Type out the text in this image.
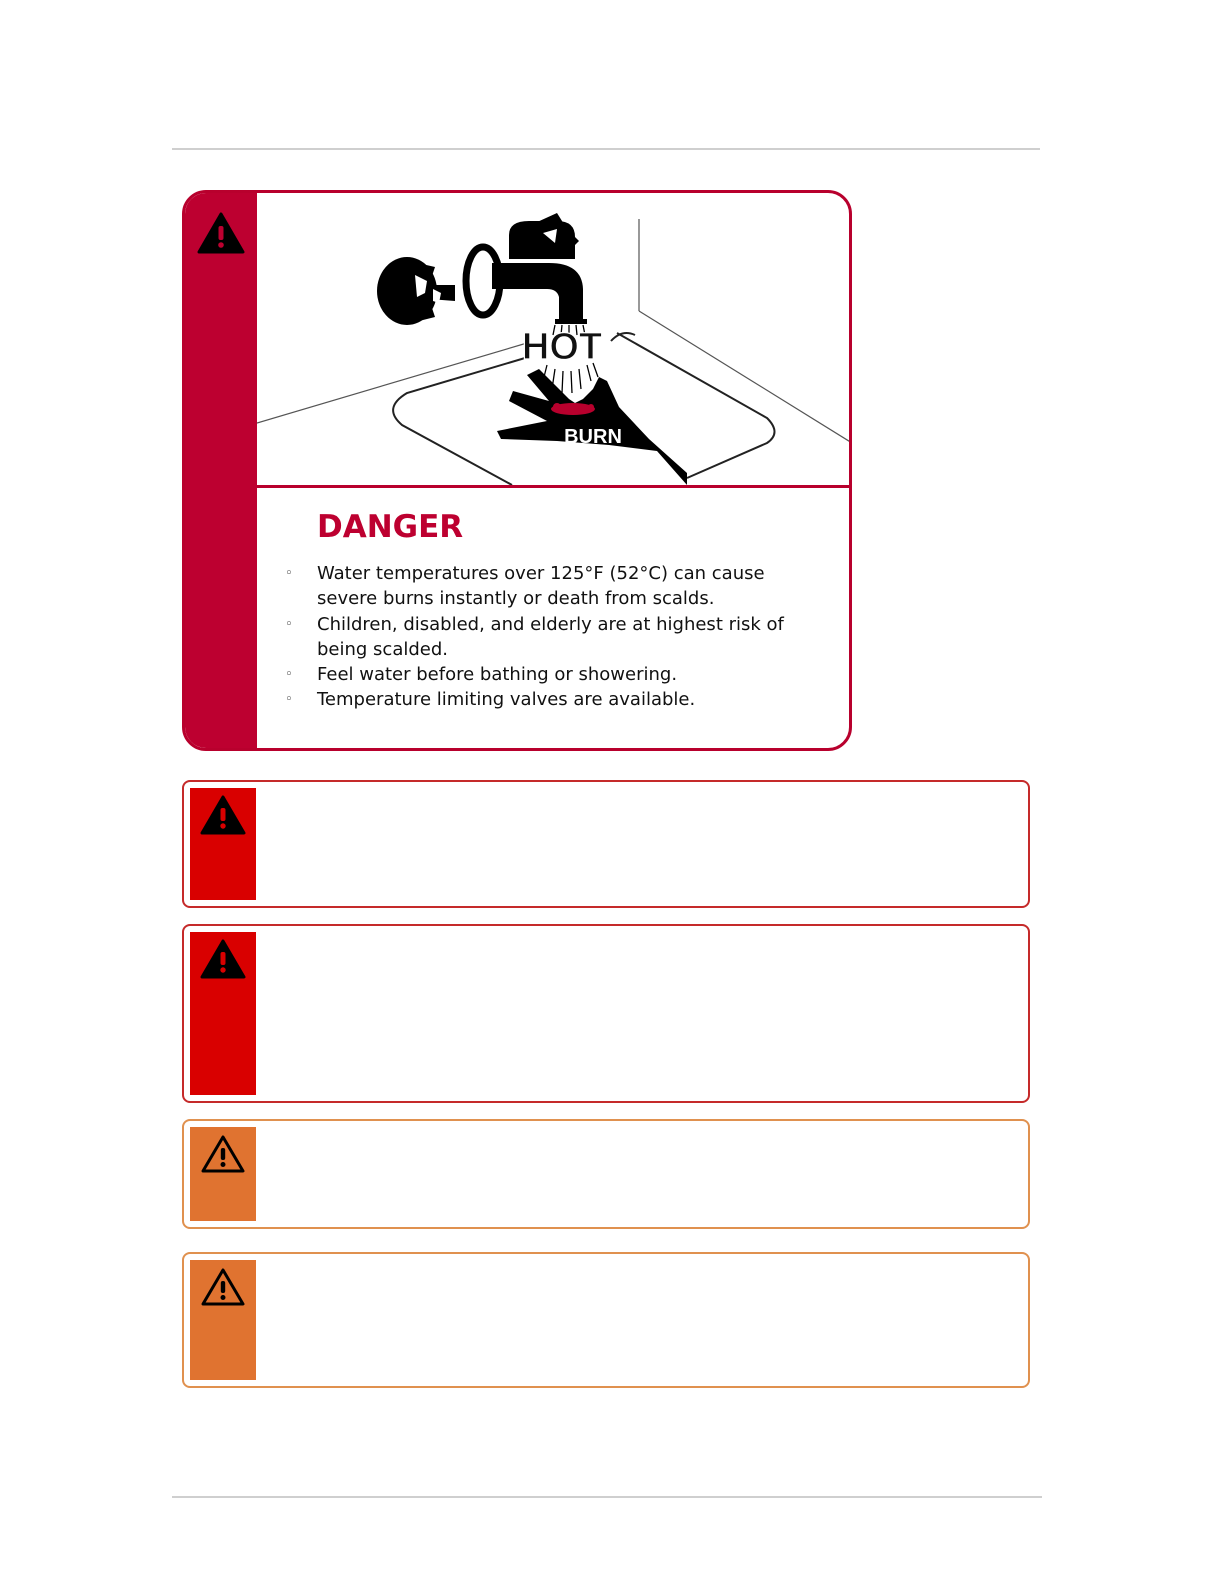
HOT
BURN
DANGER
◦ Water temperatures over 125°F (52°C) can cause severe burns instantly or death from scalds.
◦ Children, disabled, and elderly are at highest risk of being scalded.
◦ Feel water before bathing or showering.
◦ Temperature limiting valves are available.
